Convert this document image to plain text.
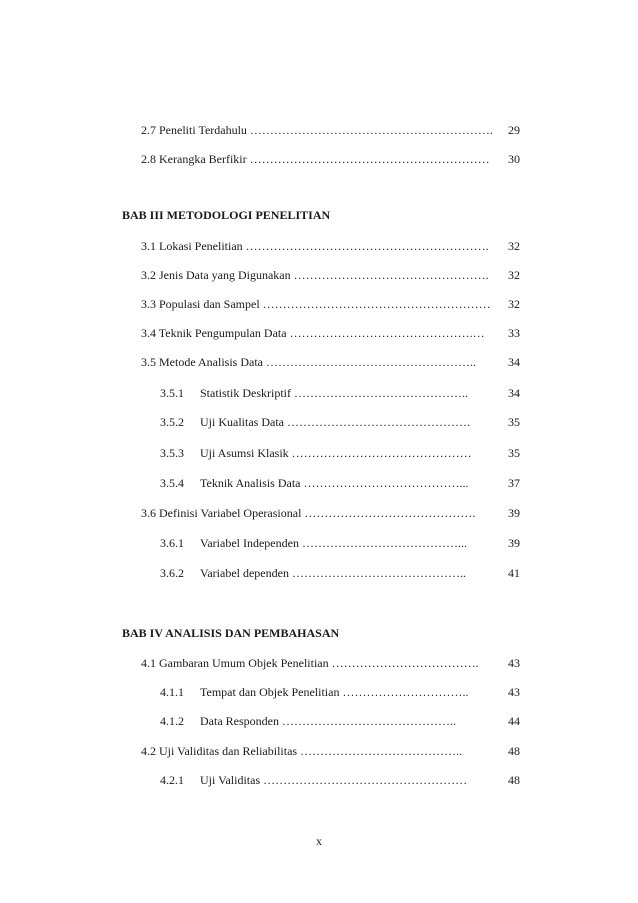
2.7 Peneliti Terdahulu ……………………………………………………. 29
2.8 Kerangka Berfikir …………………………………………………… 30
BAB III METODOLOGI PENELITIAN
3.1 Lokasi Penelitian ……………………………………………………. 32
3.2 Jenis Data yang Digunakan …………………………………………. 32
3.3 Populasi dan Sampel ………………………………………………… 32
3.4 Teknik Pengumpulan Data ……………………………………….…	33
3.5 Metode Analisis Data ……………………………………………..	34
3.5.1 Statistik Deskriptif ……………………………………..	34
3.5.2 Uji Kualitas Data ……………………………………….	35
3.5.3 Uji Asumsi Klasik ………………………………………	35
3.5.4 Teknik Analisis Data …………………………………...	37
3.6 Definisi Variabel Operasional …………………………………….	39
3.6.1 Variabel Independen …………………………………...	39
3.6.2 Variabel dependen ……………………………………..	41
BAB IV ANALISIS DAN PEMBAHASAN
4.1 Gambaran Umum Objek Penelitian ……………………………….	43
4.1.1 Tempat dan Objek Penelitian …………………………..	43
4.1.2 Data Responden ……………………………………..	44
4.2 Uji Validitas dan Reliabilitas …………………………………..	48
4.2.1 Uji Validitas ……………………………………………	48
x
